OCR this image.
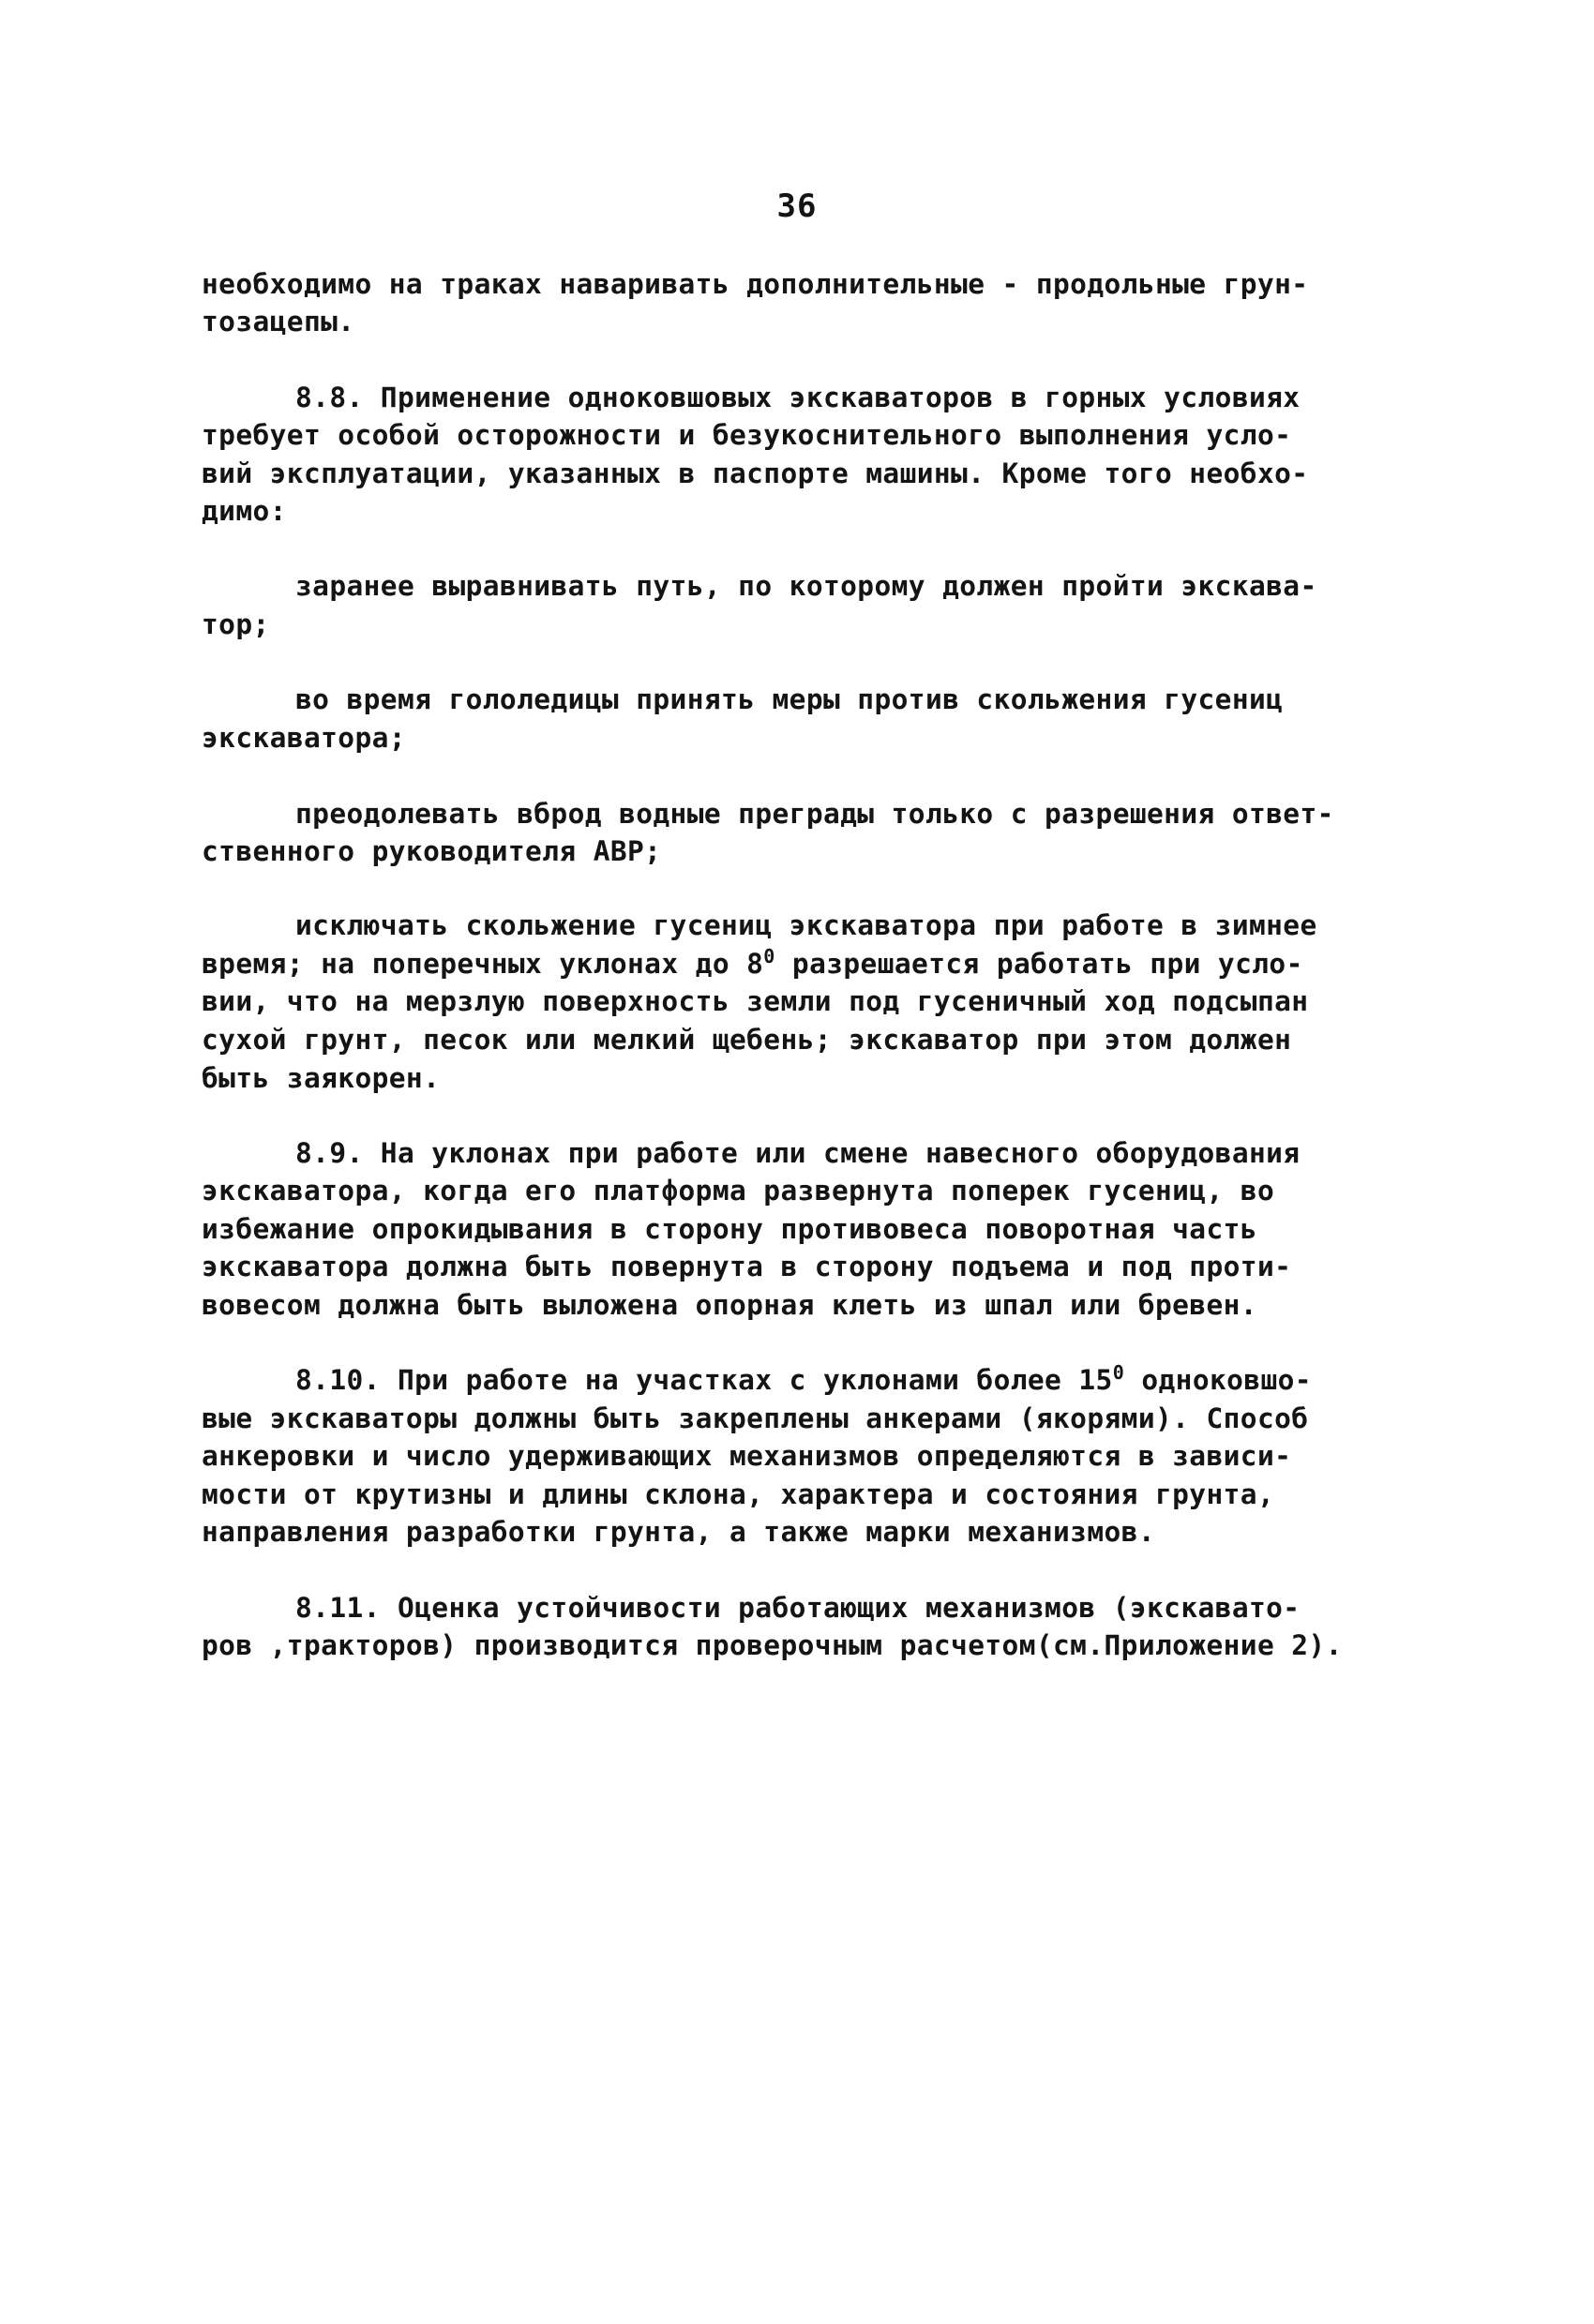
36
необходимо на траках наваривать дополнительные - продольные грун-
тозацепы.
8.8. Применение одноковшовых экскаваторов в горных условиях
требует особой осторожности и безукоснительного выполнения усло-
вий эксплуатации, указанных в паспорте машины. Кроме того необхо-
димо:
заранее выравнивать путь, по которому должен пройти экскава-
тор;
во время гололедицы принять меры против скольжения гусениц
экскаватора;
преодолевать вброд водные преграды только с разрешения ответ-
ственного руководителя АВР;
исключать скольжение гусениц экскаватора при работе в зимнее
время; на поперечных уклонах до $8^0$ разрешается работать при усло-
вии, что на мерзлую поверхность земли под гусеничный ход подсыпан
сухой грунт, песок или мелкий щебень; экскаватор при этом должен
быть заякорен.
8.9. На уклонах при работе или смене навесного оборудования
экскаватора, когда его платформа развернута поперек гусениц, во
избежание опрокидывания в сторону противовеса поворотная часть
экскаватора должна быть повернута в сторону подъема и под проти-
вовесом должна быть выложена опорная клеть из шпал или бревен.
8.10. При работе на участках с уклонами более $15^0$ одноковшо-
вые экскаваторы должны быть закреплены анкерами (якорями). Способ
анкеровки и число удерживающих механизмов определяются в зависи-
мости от крутизны и длины склона, характера и состояния грунта,
направления разработки грунта, а также марки механизмов.
8.11. Оценка устойчивости работающих механизмов (экскавато-
ров ,тракторов) производится проверочным расчетом(см.Приложение 2).
